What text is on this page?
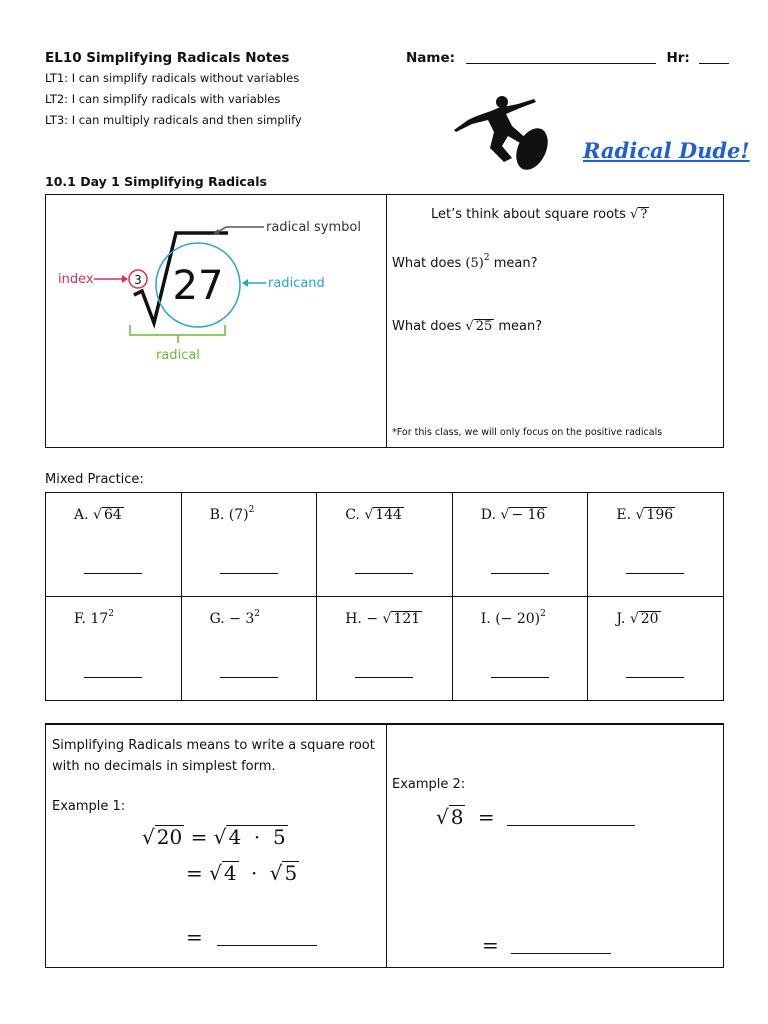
EL10 Simplifying Radicals Notes
LT1: I can simplify radicals without variables
LT2: I can simplify radicals with variables
LT3: I can multiply radicals and then simplify
Name:	Hr:
Radical Dude!
10.1 Day 1 Simplifying Radicals
3 27
index
radical symbol
radicand
radical
Let’s think about square roots √ ?
What does $(5)^2$ mean?
What does √ 25 mean?
*For this class, we will only focus on the positive radicals
Mixed Practice:
A. √ 64	B. $(7)^2$	C. √ 144	D. √ − 16	E. √ 196

F. $17^2$	G. − $3^2$	H. − √ 121	I. (− 20)$^2$	J. √ 20
Simplifying Radicals means to write a square root with no decimals in simplest form.
Example 1:
√ 20 = √ 4  ·  5
= √ 4 · √ 5
=
Example 2:
√ 8 =
=
